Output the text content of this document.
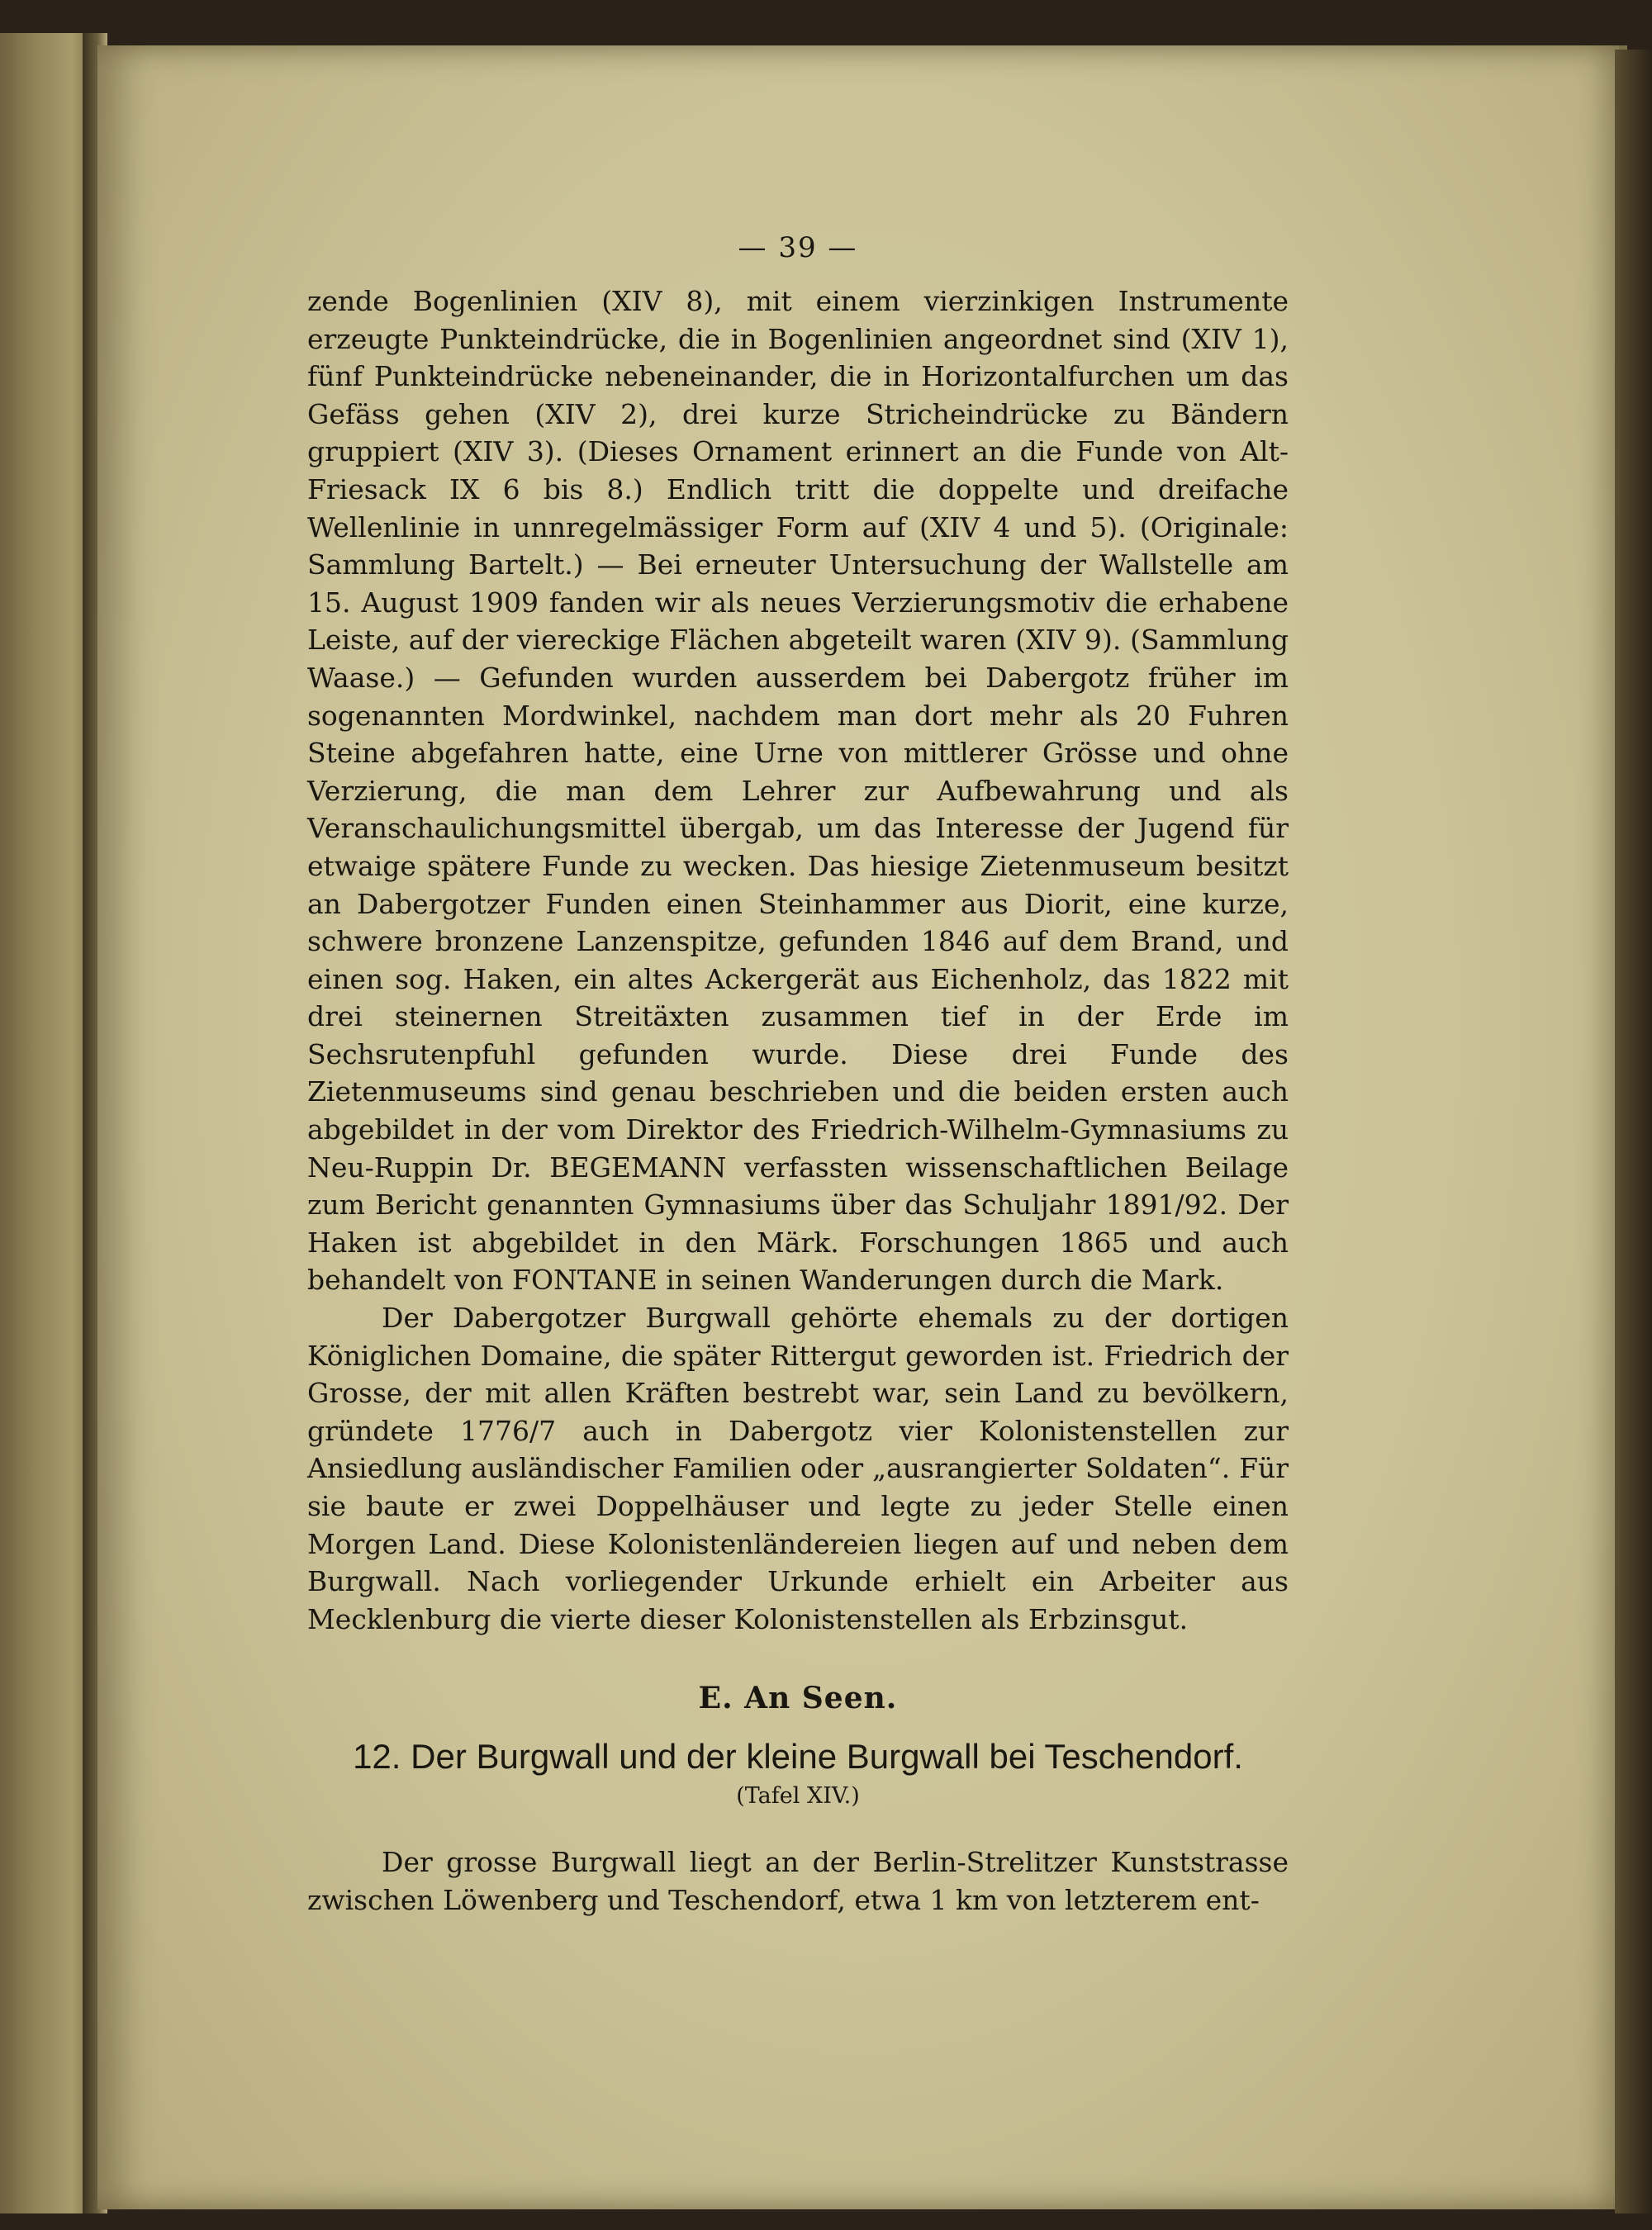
— 39 —

zende Bogenlinien (XIV 8), mit einem vierzinkigen Instrumente erzeugte Punkteindrücke, die in Bogenlinien angeordnet sind (XIV 1), fünf Punkteindrücke nebeneinander, die in Horizontalfurchen um das Gefäss gehen (XIV 2), drei kurze Stricheindrücke zu Bändern gruppiert (XIV 3). (Dieses Ornament erinnert an die Funde von Alt-Friesack IX 6 bis 8.) Endlich tritt die doppelte und dreifache Wellenlinie in unnregelmässiger Form auf (XIV 4 und 5). (Originale: Sammlung Bartelt.) — Bei erneuter Untersuchung der Wallstelle am 15. August 1909 fanden wir als neues Verzierungsmotiv die erhabene Leiste, auf der viereckige Flächen abgeteilt waren (XIV 9). (Sammlung Waase.) — Gefunden wurden ausserdem bei Dabergotz früher im sogenannten Mordwinkel, nachdem man dort mehr als 20 Fuhren Steine abgefahren hatte, eine Urne von mittlerer Grösse und ohne Verzierung, die man dem Lehrer zur Aufbewahrung und als Veranschaulichungsmittel übergab, um das Interesse der Jugend für etwaige spätere Funde zu wecken. Das hiesige Zietenmuseum besitzt an Dabergotzer Funden einen Steinhammer aus Diorit, eine kurze, schwere bronzene Lanzenspitze, gefunden 1846 auf dem Brand, und einen sog. Haken, ein altes Ackergerät aus Eichenholz, das 1822 mit drei steinernen Streitäxten zusammen tief in der Erde im Sechsrutenpfuhl gefunden wurde. Diese drei Funde des Zietenmuseums sind genau beschrieben und die beiden ersten auch abgebildet in der vom Direktor des Friedrich-Wilhelm-Gymnasiums zu Neu-Ruppin Dr. BEGEMANN verfassten wissenschaftlichen Beilage zum Bericht genannten Gymnasiums über das Schuljahr 1891/92. Der Haken ist abgebildet in den Märk. Forschungen 1865 und auch behandelt von FONTANE in seinen Wanderungen durch die Mark.

Der Dabergotzer Burgwall gehörte ehemals zu der dortigen Königlichen Domaine, die später Rittergut geworden ist. Friedrich der Grosse, der mit allen Kräften bestrebt war, sein Land zu bevölkern, gründete 1776/7 auch in Dabergotz vier Kolonistenstellen zur Ansiedlung ausländischer Familien oder „ausrangierter Soldaten“. Für sie baute er zwei Doppelhäuser und legte zu jeder Stelle einen Morgen Land. Diese Kolonistenländereien liegen auf und neben dem Burgwall. Nach vorliegender Urkunde erhielt ein Arbeiter aus Mecklenburg die vierte dieser Kolonistenstellen als Erbzinsgut.

E. An Seen.
12. Der Burgwall und der kleine Burgwall bei Teschendorf.
(Tafel XIV.)

Der grosse Burgwall liegt an der Berlin-Strelitzer Kunststrasse zwischen Löwenberg und Teschendorf, etwa 1 km von letzterem ent-
